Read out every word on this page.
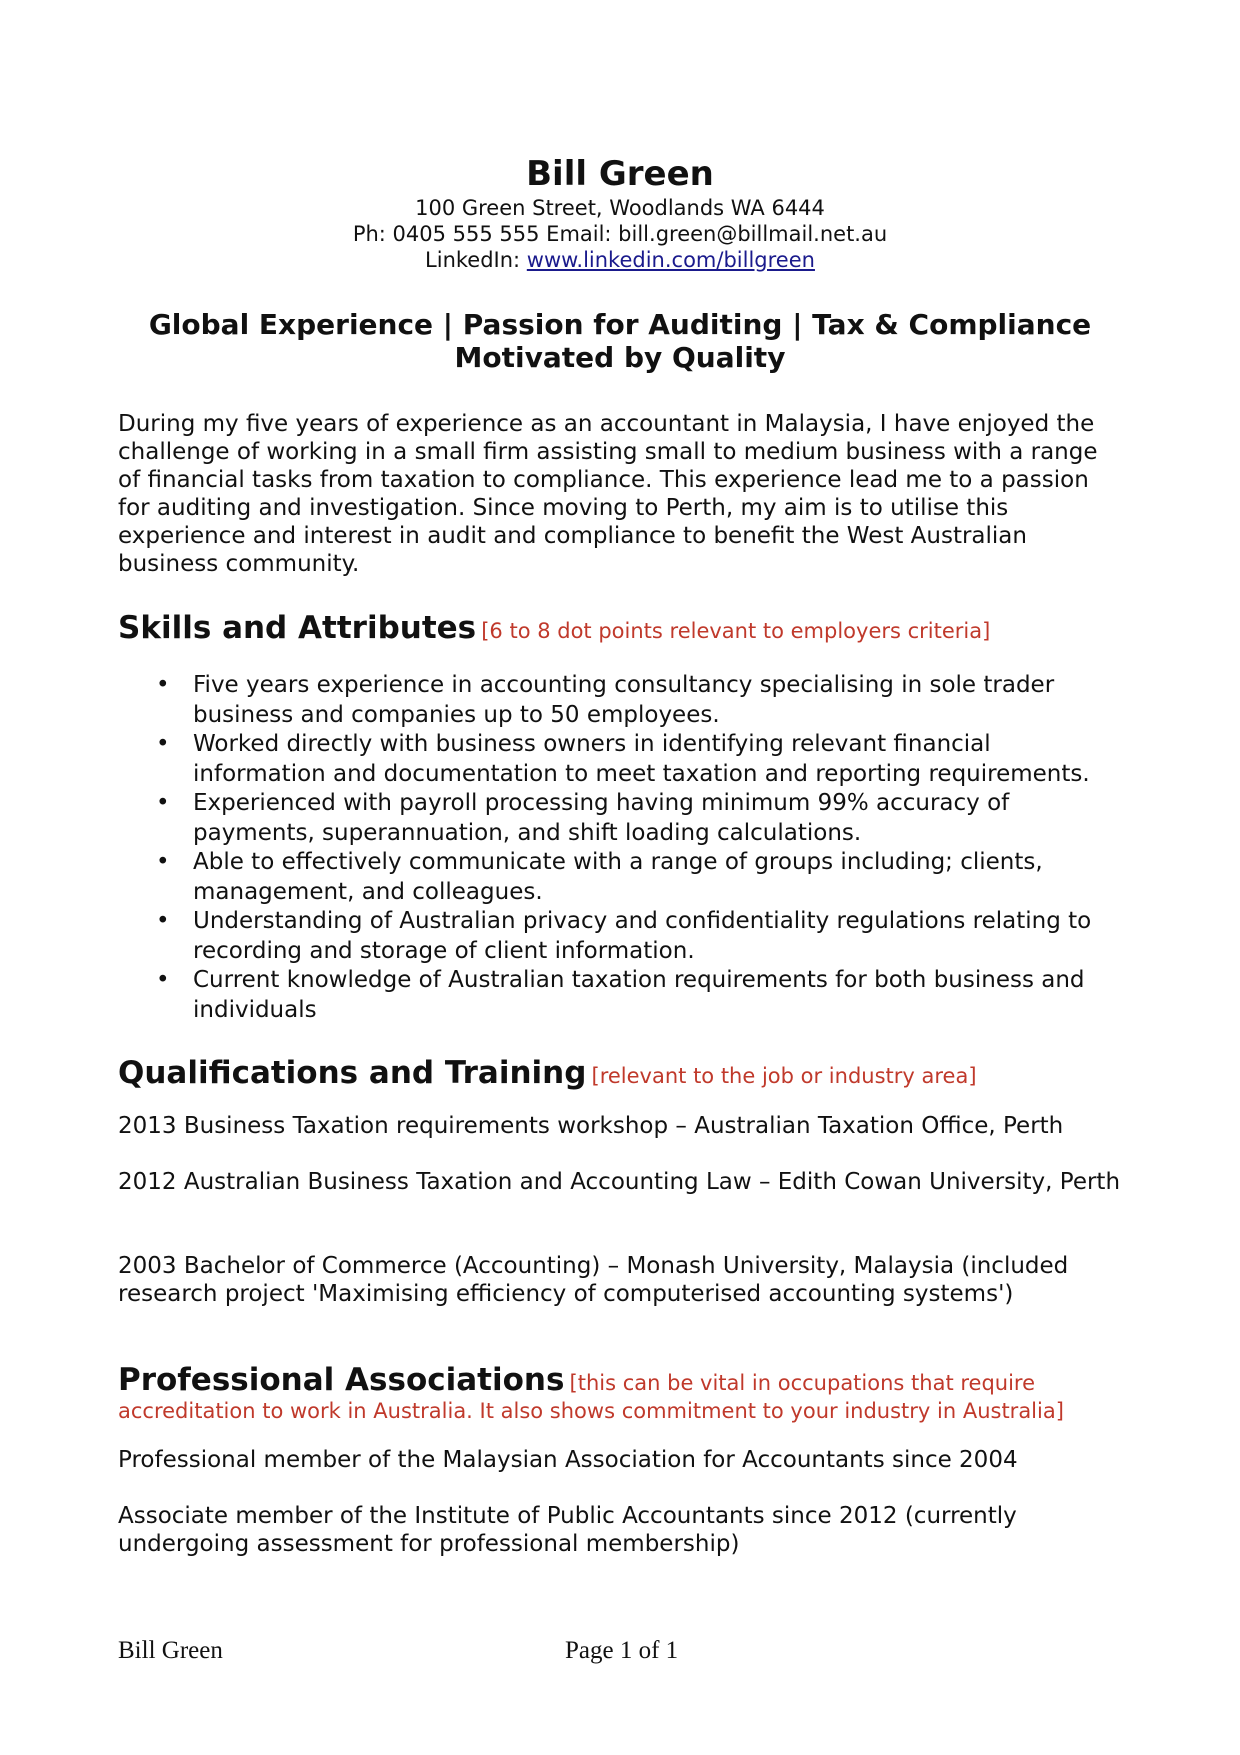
Bill Green
100 Green Street, Woodlands WA 6444
Ph: 0405 555 555 Email: bill.green@billmail.net.au
LinkedIn: www.linkedin.com/billgreen
Global Experience | Passion for Auditing | Tax & Compliance
Motivated by Quality
During my five years of experience as an accountant in Malaysia, I have enjoyed the challenge of working in a small firm assisting small to medium business with a range of financial tasks from taxation to compliance. This experience lead me to a passion for auditing and investigation. Since moving to Perth, my aim is to utilise this experience and interest in audit and compliance to benefit the West Australian business community.
Skills and Attributes [6 to 8 dot points relevant to employers criteria]
• Five years experience in accounting consultancy specialising in sole trader business and companies up to 50 employees.
• Worked directly with business owners in identifying relevant financial information and documentation to meet taxation and reporting requirements.
• Experienced with payroll processing having minimum 99% accuracy of payments, superannuation, and shift loading calculations.
• Able to effectively communicate with a range of groups including; clients, management, and colleagues.
• Understanding of Australian privacy and confidentiality regulations relating to recording and storage of client information.
• Current knowledge of Australian taxation requirements for both business and individuals
Qualifications and Training [relevant to the job or industry area]
2013 Business Taxation requirements workshop – Australian Taxation Office, Perth
2012 Australian Business Taxation and Accounting Law – Edith Cowan University, Perth
2003 Bachelor of Commerce (Accounting) – Monash University, Malaysia (included research project 'Maximising efficiency of computerised accounting systems')
Professional Associations [this can be vital in occupations that require accreditation to work in Australia. It also shows commitment to your industry in Australia]
Professional member of the Malaysian Association for Accountants since 2004
Associate member of the Institute of Public Accountants since 2012 (currently undergoing assessment for professional membership)
Bill Green	Page 1 of 1
